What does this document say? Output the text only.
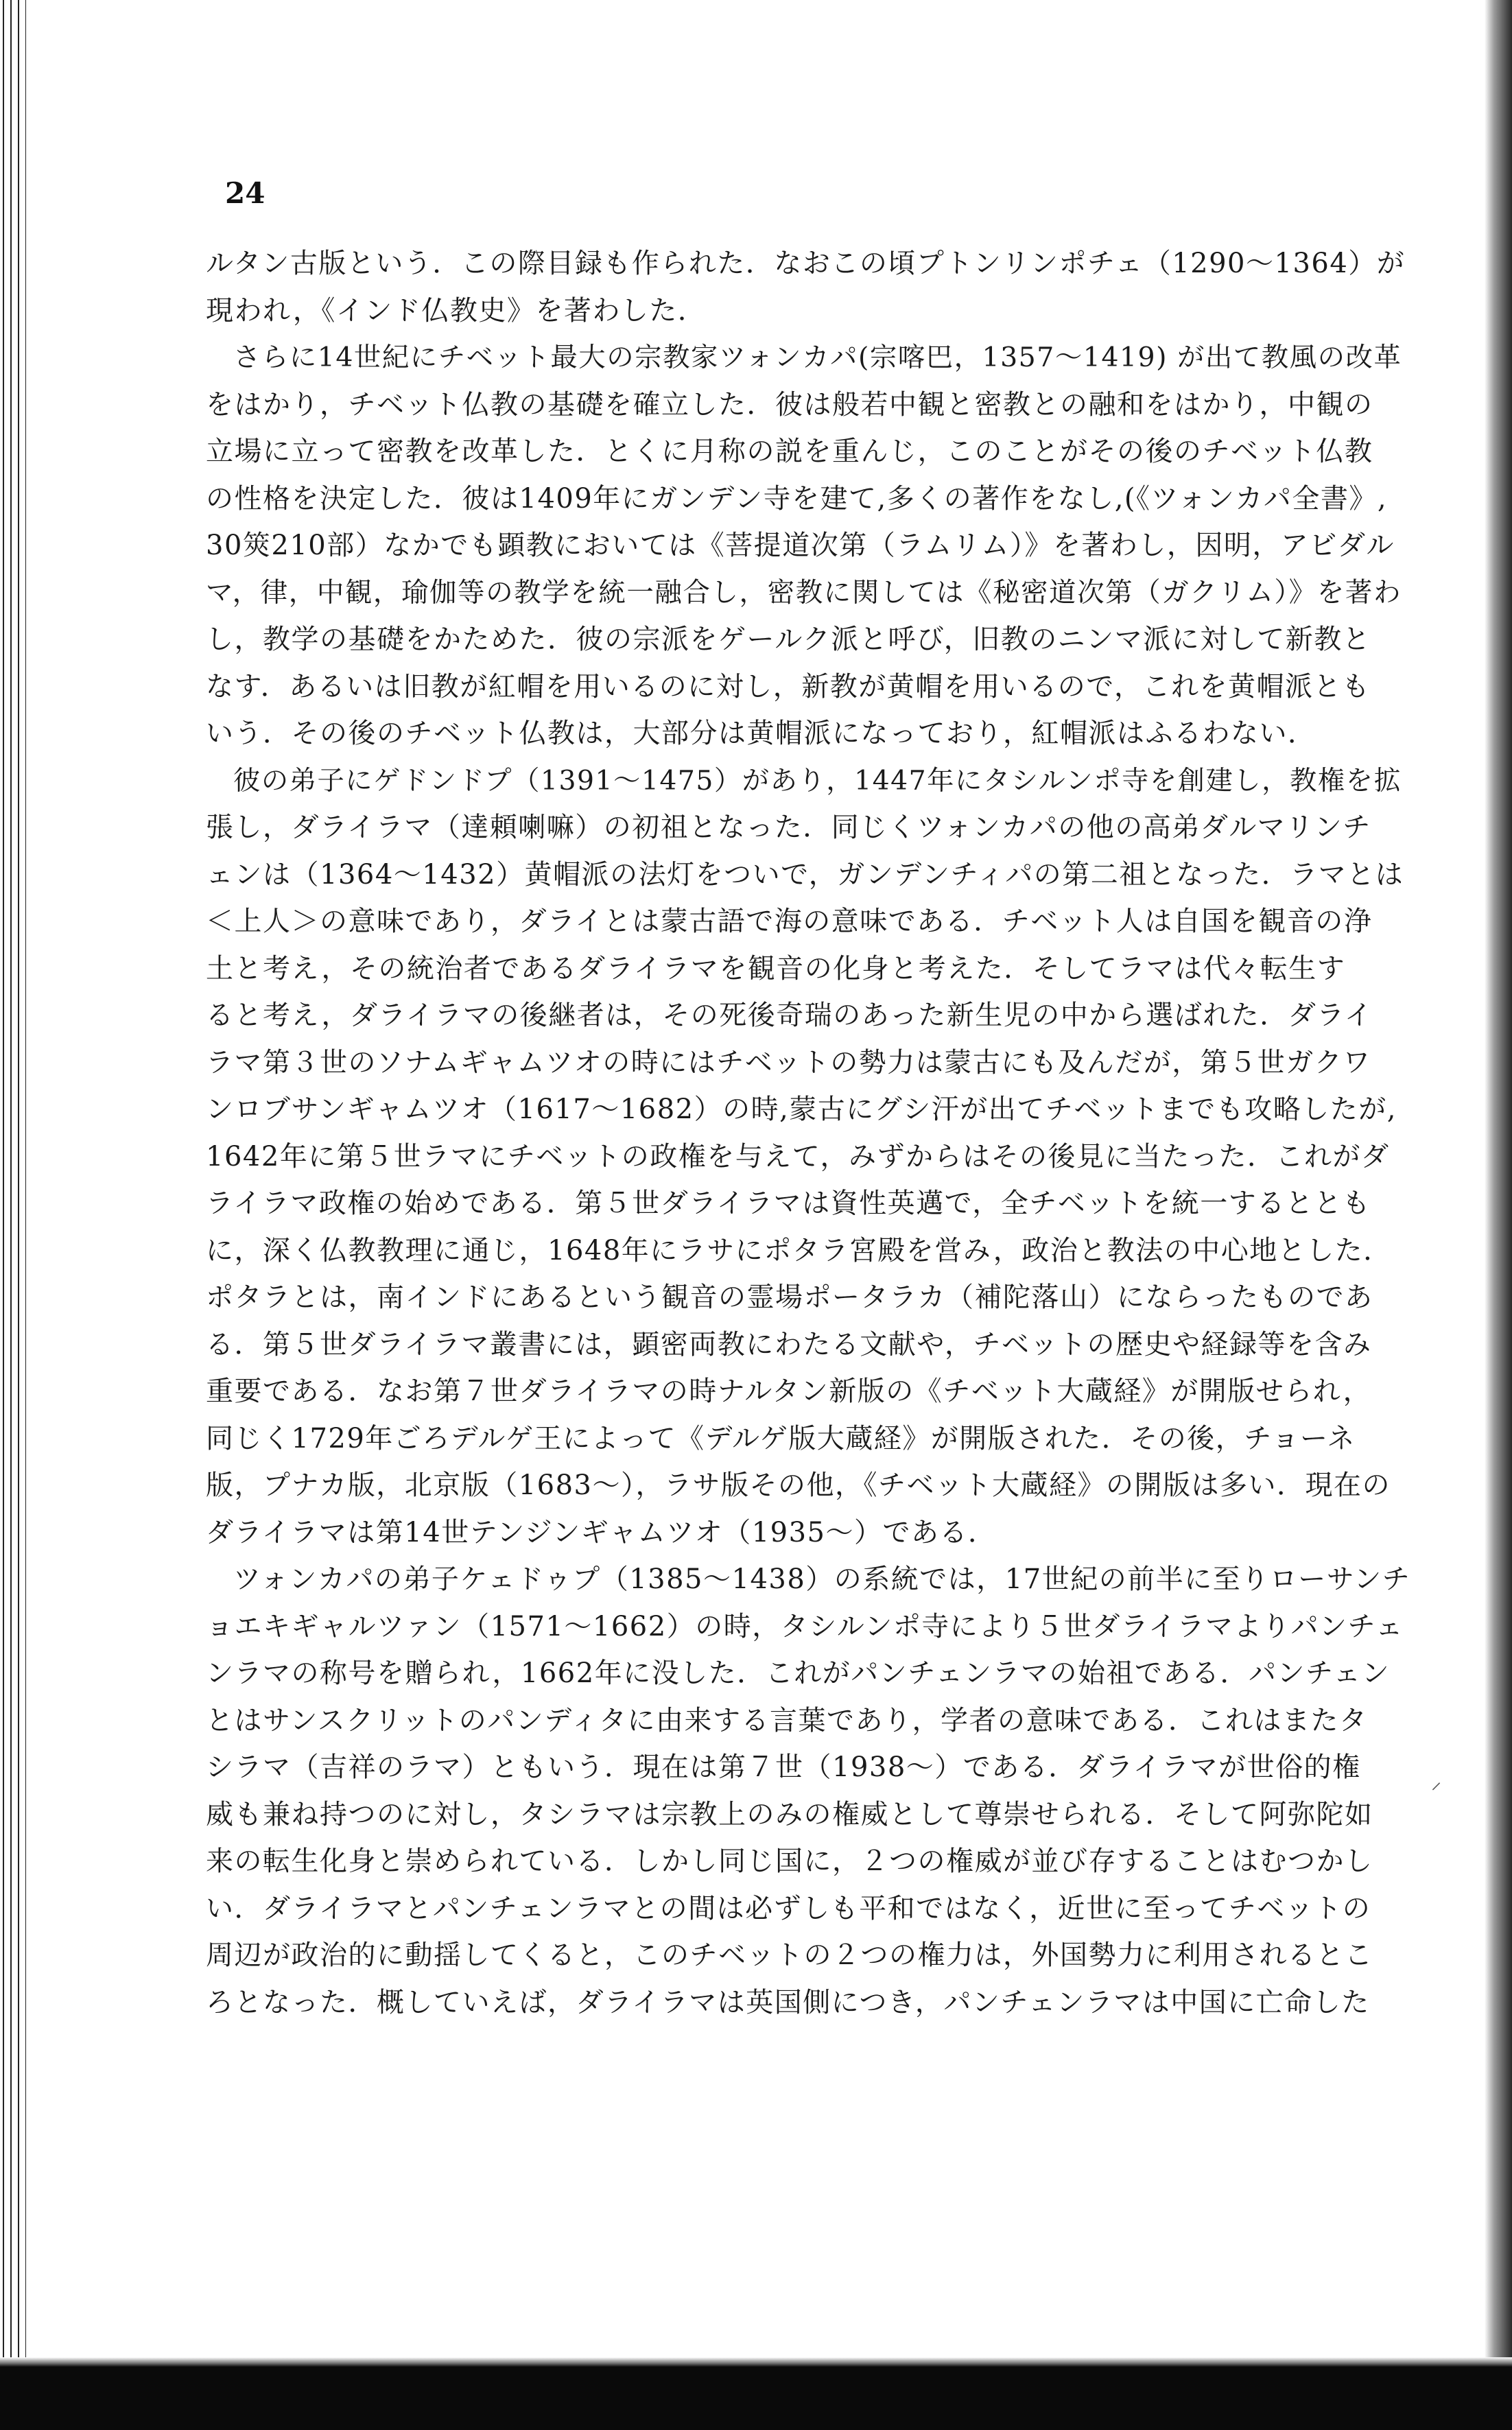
24
ルタン古版という．この際目録も作られた．なおこの頃プトンリンポチェ（1290～1364）が
現われ，《インド仏教史》を著わした．
さらに14世紀にチベット最大の宗教家ツォンカパ(宗喀巴，1357～1419) が出て教風の改革
をはかり，チベット仏教の基礎を確立した．彼は般若中観と密教との融和をはかり，中観の
立場に立って密教を改革した．とくに月称の説を重んじ，このことがその後のチベット仏教
の性格を決定した．彼は1409年にガンデン寺を建て,多くの著作をなし,(《ツォンカパ全書》,
30筴210部）なかでも顕教においては《菩提道次第（ラムリム）》を著わし，因明，アビダル
マ，律，中観，瑜伽等の教学を統一融合し，密教に関しては《秘密道次第（ガクリム）》を著わ
し，教学の基礎をかためた．彼の宗派をゲールク派と呼び，旧教のニンマ派に対して新教と
なす．あるいは旧教が紅帽を用いるのに対し，新教が黄帽を用いるので，これを黄帽派とも
いう．その後のチベット仏教は，大部分は黄帽派になっており，紅帽派はふるわない．
彼の弟子にゲドンドプ（1391～1475）があり，1447年にタシルンポ寺を創建し，教権を拡
張し，ダライラマ（達頼喇嘛）の初祖となった．同じくツォンカパの他の高弟ダルマリンチ
ェンは（1364～1432）黄帽派の法灯をついで，ガンデンチィパの第二祖となった．ラマとは
＜上人＞の意味であり，ダライとは蒙古語で海の意味である．チベット人は自国を観音の浄
土と考え，その統治者であるダライラマを観音の化身と考えた．そしてラマは代々転生す
ると考え，ダライラマの後継者は，その死後奇瑞のあった新生児の中から選ばれた．ダライ
ラマ第３世のソナムギャムツオの時にはチベットの勢力は蒙古にも及んだが，第５世ガクワ
ンロブサンギャムツオ（1617～1682）の時,蒙古にグシ汗が出てチベットまでも攻略したが,
1642年に第５世ラマにチベットの政権を与えて，みずからはその後見に当たった．これがダ
ライラマ政権の始めである．第５世ダライラマは資性英邁で，全チベットを統一するととも
に，深く仏教教理に通じ，1648年にラサにポタラ宮殿を営み，政治と教法の中心地とした．
ポタラとは，南インドにあるという観音の霊場ポータラカ（補陀落山）にならったものであ
る．第５世ダライラマ叢書には，顕密両教にわたる文献や，チベットの歴史や経録等を含み
重要である．なお第７世ダライラマの時ナルタン新版の《チベット大蔵経》が開版せられ，
同じく1729年ごろデルゲ王によって《デルゲ版大蔵経》が開版された．その後，チョーネ
版，プナカ版，北京版（1683～），ラサ版その他，《チベット大蔵経》の開版は多い．現在の
ダライラマは第14世テンジンギャムツオ（1935～）である．
ツォンカパの弟子ケェドゥプ（1385～1438）の系統では，17世紀の前半に至りローサンチ
ョエキギャルツァン（1571～1662）の時，タシルンポ寺により５世ダライラマよりパンチェ
ンラマの称号を贈られ，1662年に没した．これがパンチェンラマの始祖である．パンチェン
とはサンスクリットのパンディタに由来する言葉であり，学者の意味である．これはまたタ
シラマ（吉祥のラマ）ともいう．現在は第７世（1938～）である．ダライラマが世俗的権
威も兼ね持つのに対し，タシラマは宗教上のみの権威として尊崇せられる．そして阿弥陀如
来の転生化身と崇められている．しかし同じ国に，２つの権威が並び存することはむつかし
い．ダライラマとパンチェンラマとの間は必ずしも平和ではなく，近世に至ってチベットの
周辺が政治的に動揺してくると，このチベットの２つの権力は，外国勢力に利用されるとこ
ろとなった．概していえば，ダライラマは英国側につき，パンチェンラマは中国に亡命した
⸝
